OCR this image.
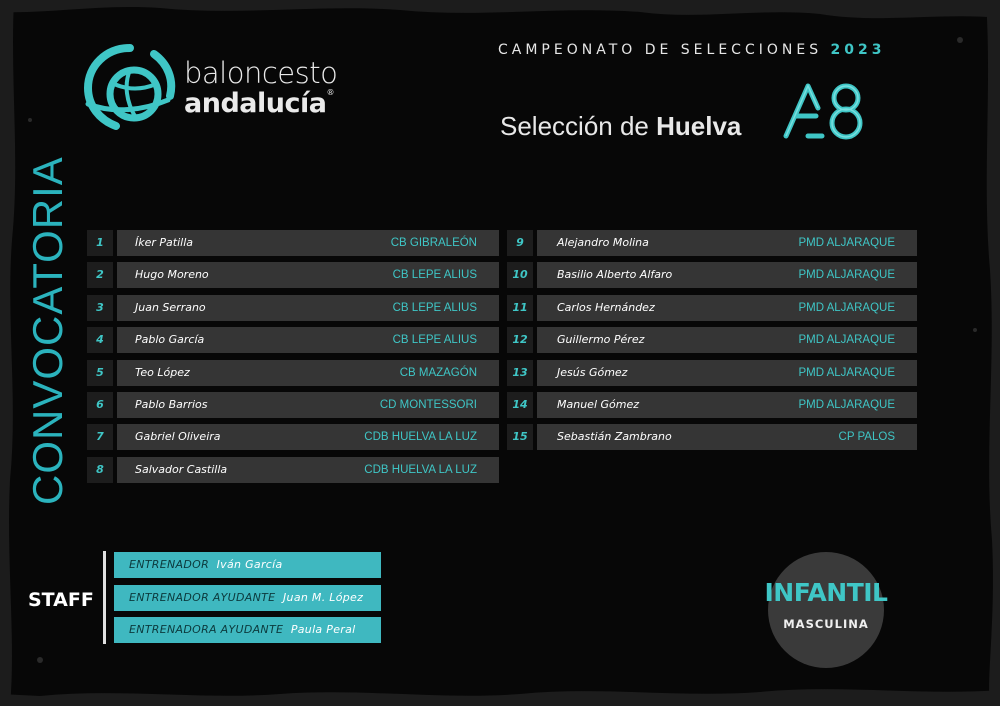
baloncesto
andalucía®
CAMPEONATO DE SELECCIONES 2023
Selección de Huelva
CONVOCATORIA	1	Íker Patilla	CB GIBRALEÓN
2	Hugo Moreno	CB LEPE ALIUS
3	Juan Serrano	CB LEPE ALIUS
4	Pablo García	CB LEPE ALIUS
5	Teo López	CB MAZAGÓN
6	Pablo Barrios	CD MONTESSORI
7	Gabriel Oliveira	CDB HUELVA LA LUZ
8	Salvador Castilla	CDB HUELVA LA LUZ
9	Alejandro Molina	PMD ALJARAQUE
10	Basilio Alberto Alfaro	PMD ALJARAQUE
11	Carlos Hernández	PMD ALJARAQUE
12	Guillermo Pérez	PMD ALJARAQUE
13	Jesús Gómez	PMD ALJARAQUE
14	Manuel Gómez	PMD ALJARAQUE
15	Sebastián Zambrano	CP PALOS
STAFF
ENTRENADOR Iván García
ENTRENADOR AYUDANTE Juan M. López
ENTRENADORA AYUDANTE Paula Peral
INFANTIL
MASCULINA
